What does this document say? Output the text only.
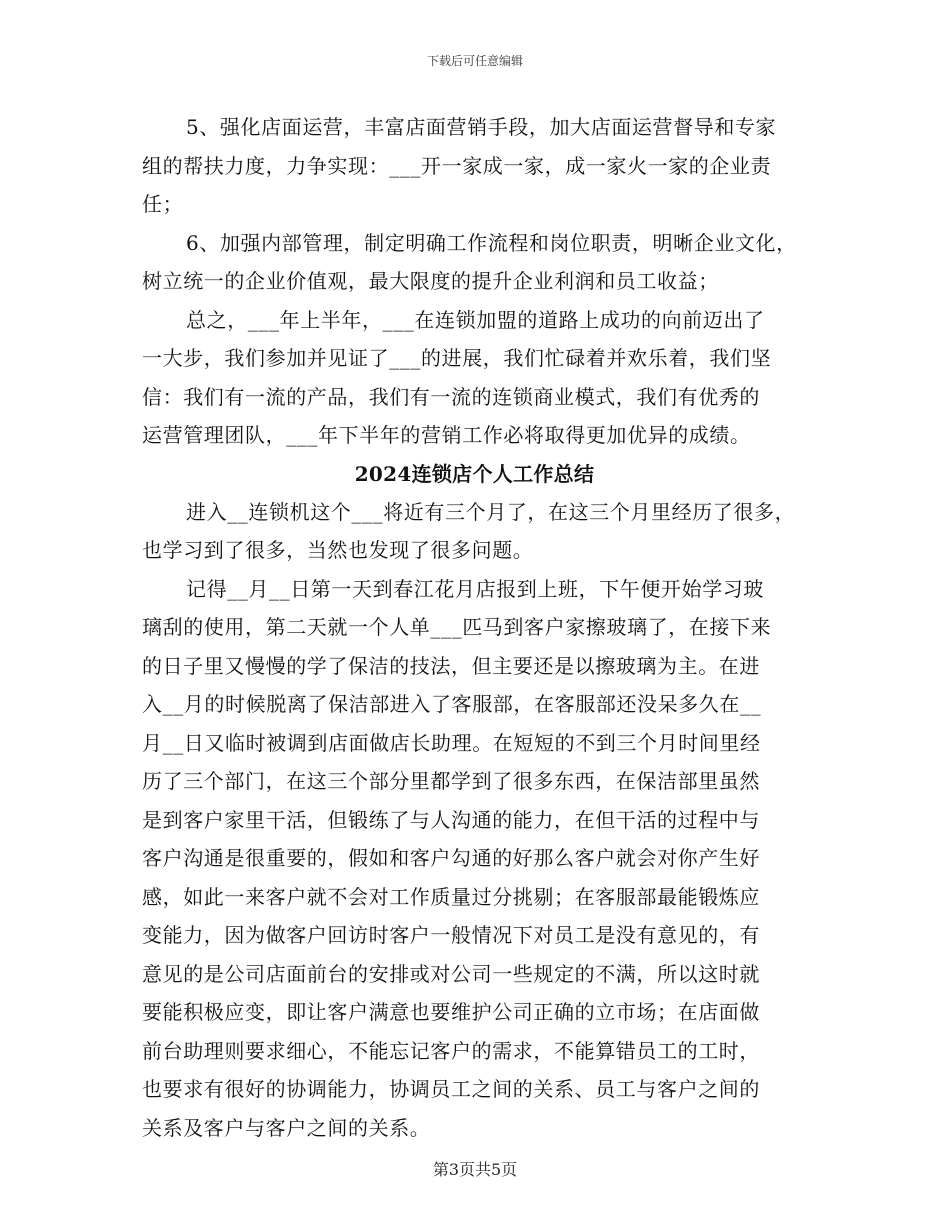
下载后可任意编辑
5、强化店面运营，丰富店面营销手段，加大店面运营督导和专家
组的帮扶力度，力争实现：___开一家成一家，成一家火一家的企业责
任；
6、加强内部管理，制定明确工作流程和岗位职责，明晰企业文化，
树立统一的企业价值观，最大限度的提升企业利润和员工收益；
总之，___年上半年，___在连锁加盟的道路上成功的向前迈出了
一大步，我们参加并见证了___的进展，我们忙碌着并欢乐着，我们坚
信：我们有一流的产品，我们有一流的连锁商业模式，我们有优秀的
运营管理团队，___年下半年的营销工作必将取得更加优异的成绩。
2024连锁店个人工作总结
进入__连锁机这个___将近有三个月了，在这三个月里经历了很多，
也学习到了很多，当然也发现了很多问题。
记得__月__日第一天到春江花月店报到上班，下午便开始学习玻
璃刮的使用，第二天就一个人单___匹马到客户家擦玻璃了，在接下来
的日子里又慢慢的学了保洁的技法，但主要还是以擦玻璃为主。在进
入__月的时候脱离了保洁部进入了客服部，在客服部还没呆多久在__
月__日又临时被调到店面做店长助理。在短短的不到三个月时间里经
历了三个部门，在这三个部分里都学到了很多东西，在保洁部里虽然
是到客户家里干活，但锻练了与人沟通的能力，在但干活的过程中与
客户沟通是很重要的，假如和客户勾通的好那么客户就会对你产生好
感，如此一来客户就不会对工作质量过分挑剔；在客服部最能锻炼应
变能力，因为做客户回访时客户一般情况下对员工是没有意见的，有
意见的是公司店面前台的安排或对公司一些规定的不满，所以这时就
要能积极应变，即让客户满意也要维护公司正确的立市场；在店面做
前台助理则要求细心，不能忘记客户的需求，不能算错员工的工时，
也要求有很好的协调能力，协调员工之间的关系、员工与客户之间的
关系及客户与客户之间的关系。
第3页共5页
